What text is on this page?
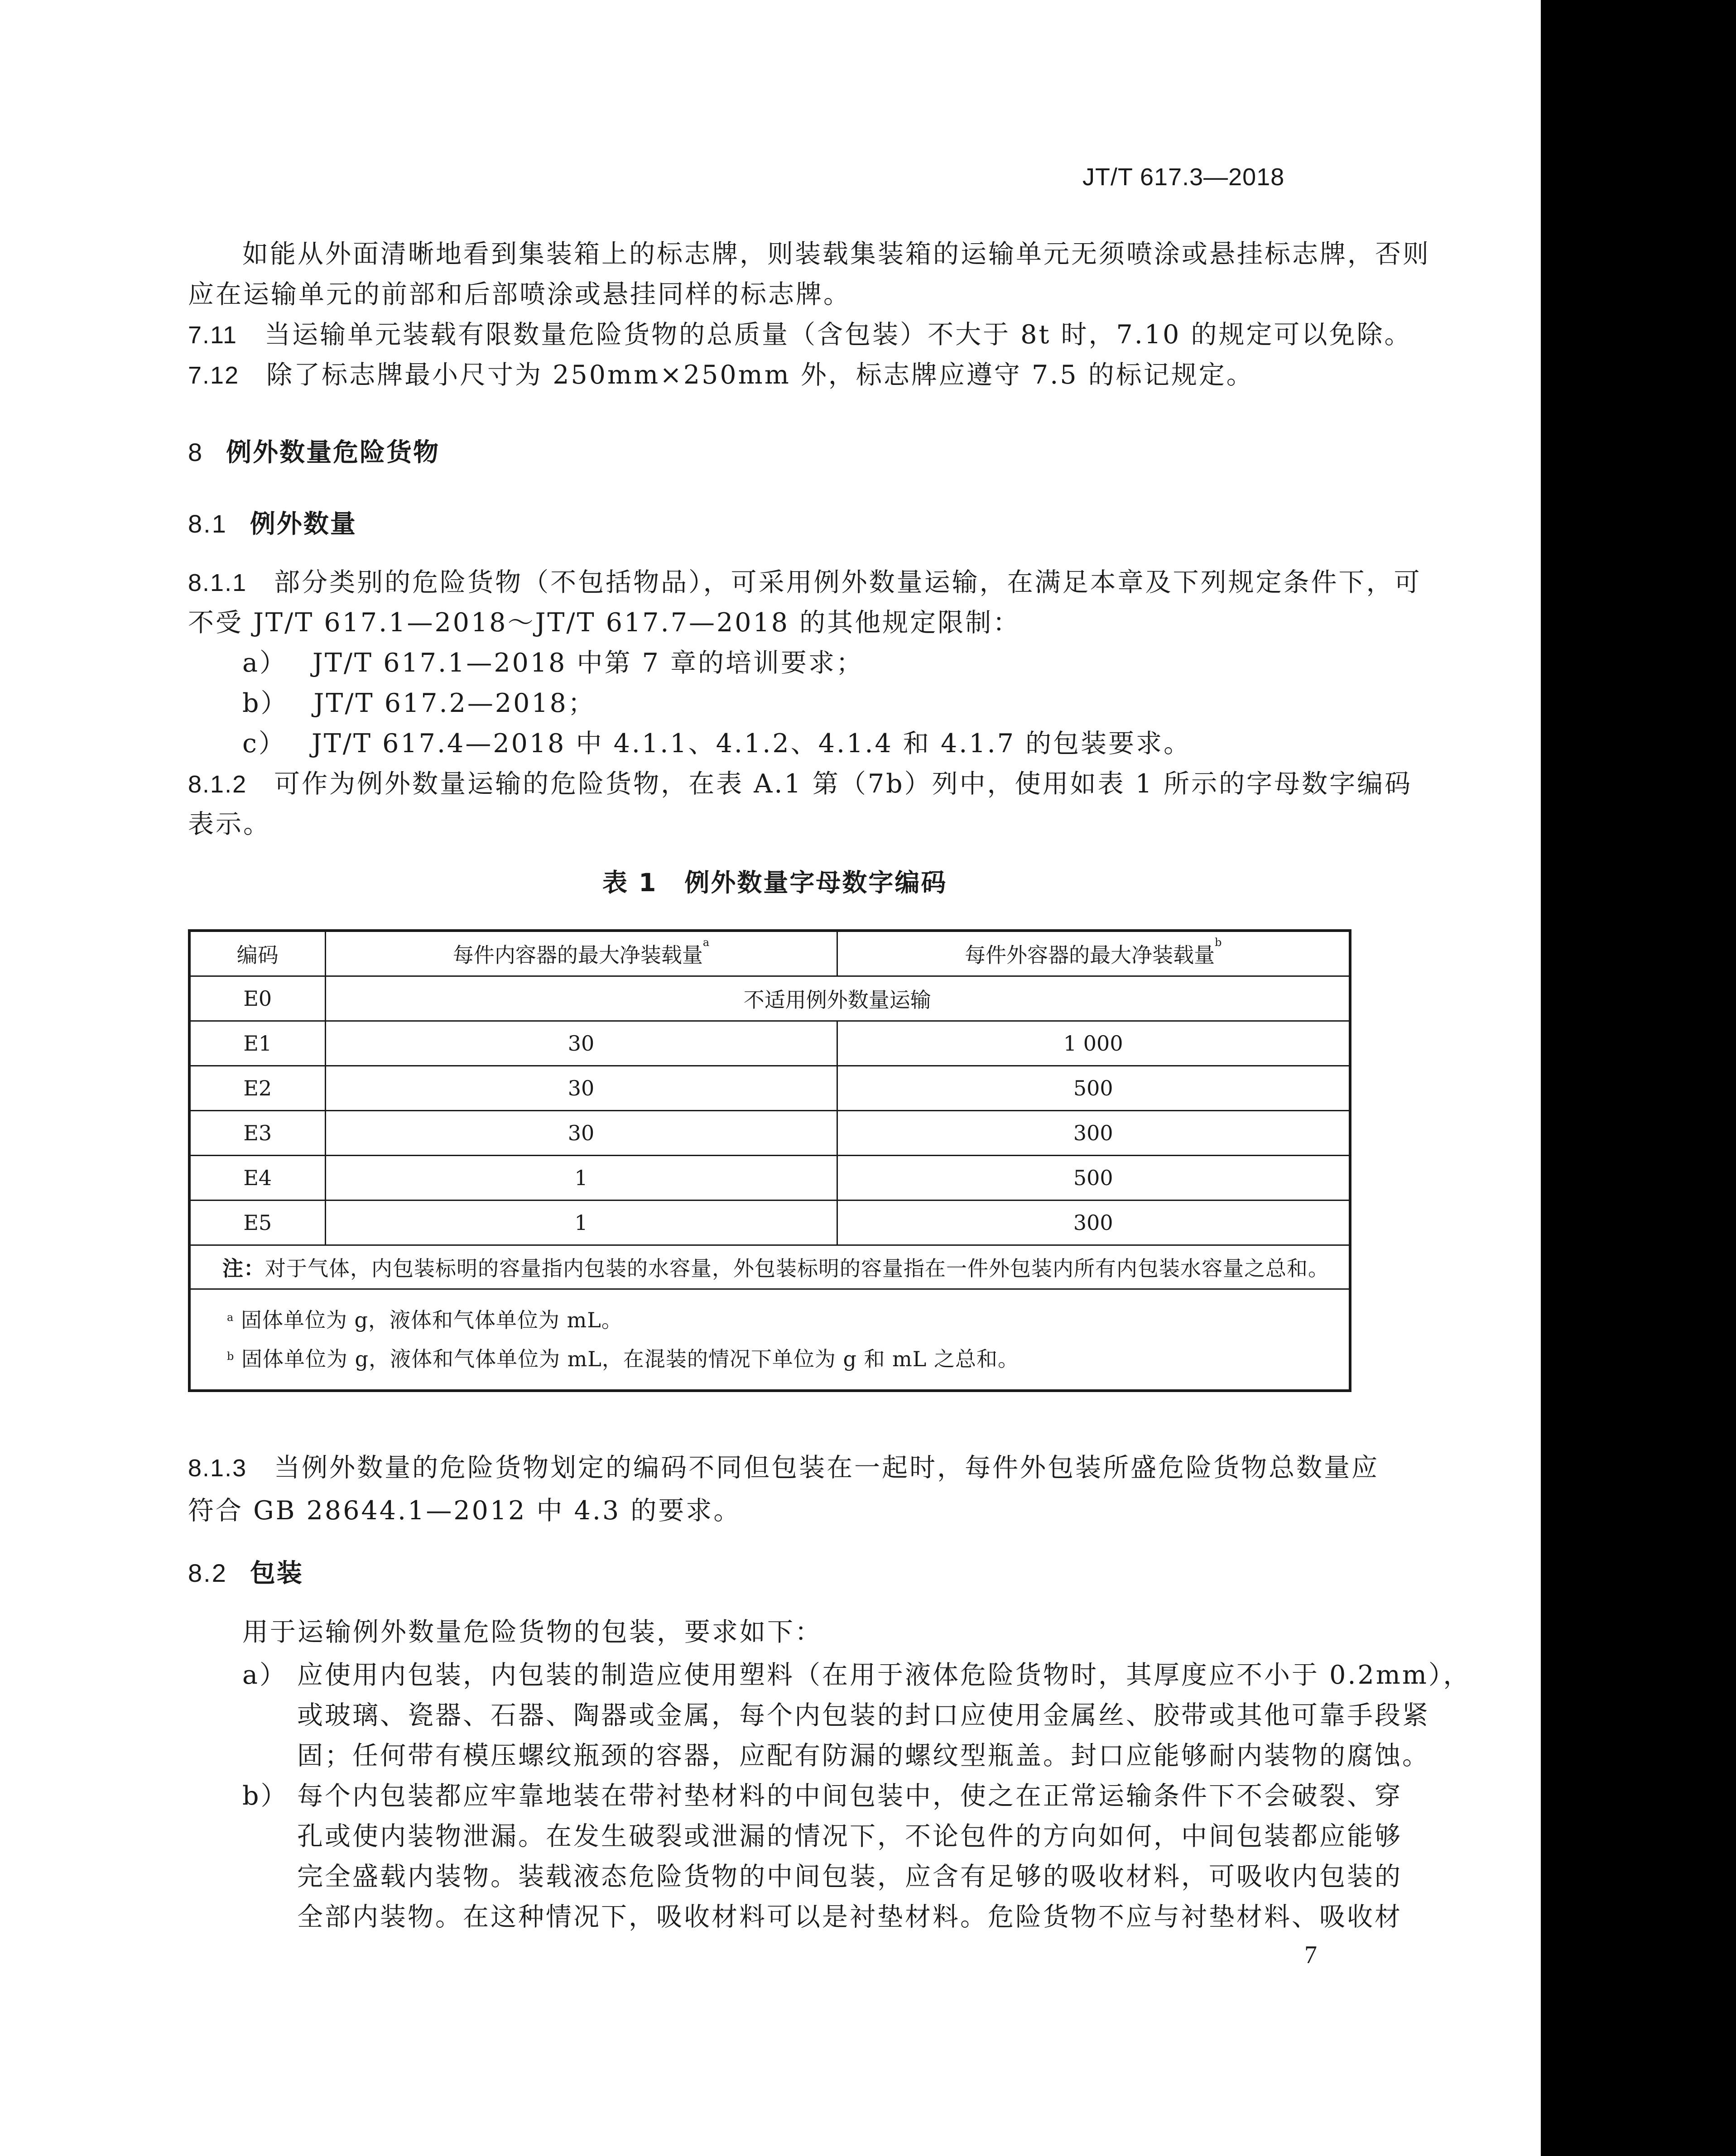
JT/T 617.3—2018
如能从外面清晰地看到集装箱上的标志牌，则装载集装箱的运输单元无须喷涂或悬挂标志牌，否则
应在运输单元的前部和后部喷涂或悬挂同样的标志牌。
7.11 当运输单元装载有限数量危险货物的总质量（含包装）不大于 8t 时，7.10 的规定可以免除。
7.12 除了标志牌最小尺寸为 250mm×250mm 外，标志牌应遵守 7.5 的标记规定。
8 例外数量危险货物
8.1 例外数量
8.1.1 部分类别的危险货物（不包括物品），可采用例外数量运输，在满足本章及下列规定条件下，可
不受 JT/T 617.1—2018～JT/T 617.7—2018 的其他规定限制：
a） JT/T 617.1—2018 中第 7 章的培训要求；
b） JT/T 617.2—2018；
c） JT/T 617.4—2018 中 4.1.1、4.1.2、4.1.4 和 4.1.7 的包装要求。
8.1.2 可作为例外数量运输的危险货物，在表 A.1 第（7b）列中，使用如表 1 所示的字母数字编码
表示。
表 1 例外数量字母数字编码
编码	每件内容器的最大净装载量$^a$	每件外容器的最大净装载量$^b$
E0	不适用例外数量运输	
E1	30	1 000
E2	30	500
E3	30	300
E4	1	500
E5	1	300
注：对于气体，内包装标明的容量指内包装的水容量，外包装标明的容量指在一件外包装内所有内包装水容量之总和。		

$^a$ 固体单位为 g，液体和气体单位为 mL。
$^b$ 固体单位为 g，液体和气体单位为 mL，在混装的情况下单位为 g 和 mL 之总和。		
8.1.3 当例外数量的危险货物划定的编码不同但包装在一起时，每件外包装所盛危险货物总数量应
符合 GB 28644.1—2012 中 4.3 的要求。
8.2 包装
用于运输例外数量危险货物的包装，要求如下：
a） 应使用内包装，内包装的制造应使用塑料（在用于液体危险货物时，其厚度应不小于 0.2mm），
或玻璃、瓷器、石器、陶器或金属，每个内包装的封口应使用金属丝、胶带或其他可靠手段紧
固；任何带有模压螺纹瓶颈的容器，应配有防漏的螺纹型瓶盖。封口应能够耐内装物的腐蚀。
b） 每个内包装都应牢靠地装在带衬垫材料的中间包装中，使之在正常运输条件下不会破裂、穿
孔或使内装物泄漏。在发生破裂或泄漏的情况下，不论包件的方向如何，中间包装都应能够
完全盛载内装物。装载液态危险货物的中间包装，应含有足够的吸收材料，可吸收内包装的
全部内装物。在这种情况下，吸收材料可以是衬垫材料。危险货物不应与衬垫材料、吸收材
7
